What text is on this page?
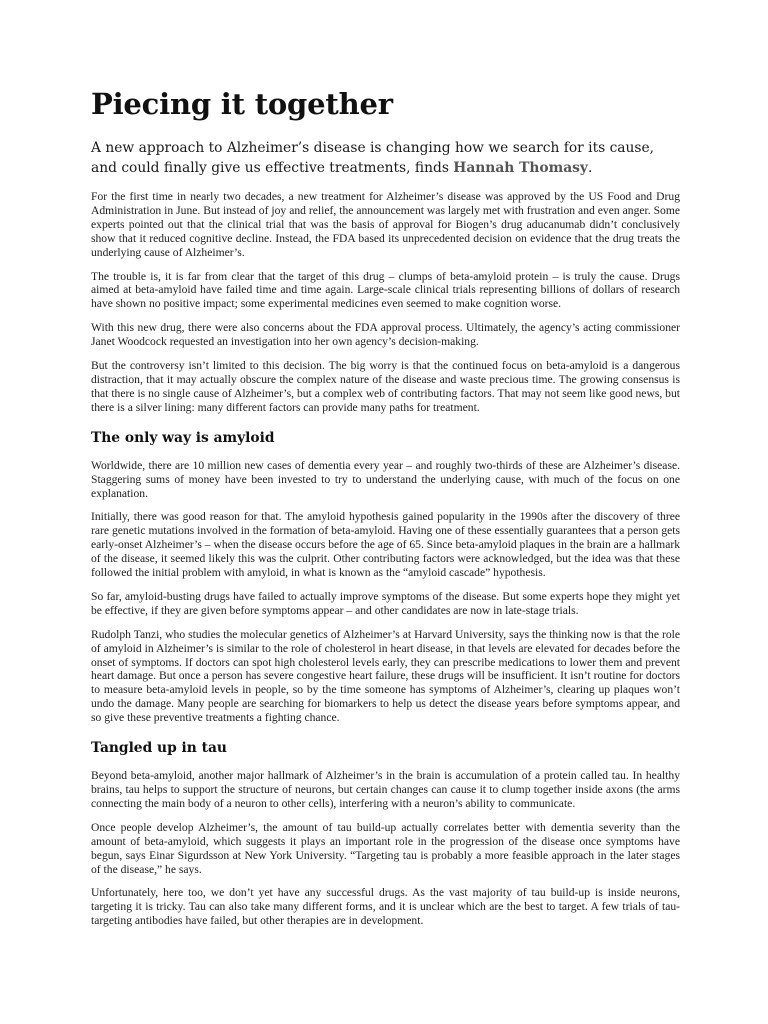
Piecing it together

A new approach to Alzheimer’s disease is changing how we search for its cause, and could finally give us effective treatments, finds Hannah Thomasy.

For the first time in nearly two decades, a new treatment for Alzheimer’s disease was approved by the US Food and Drug Administration in June. But instead of joy and relief, the announcement was largely met with frustration and even anger. Some experts pointed out that the clinical trial that was the basis of approval for Biogen’s drug aducanumab didn’t conclusively show that it reduced cognitive decline. Instead, the FDA based its unprecedented decision on evidence that the drug treats the underlying cause of Alzheimer’s.

The trouble is, it is far from clear that the target of this drug – clumps of beta-amyloid protein – is truly the cause. Drugs aimed at beta-amyloid have failed time and time again. Large-scale clinical trials representing billions of dollars of research have shown no positive impact; some experimental medicines even seemed to make cognition worse.

With this new drug, there were also concerns about the FDA approval process. Ultimately, the agency’s acting commissioner Janet Woodcock requested an investigation into her own agency’s decision-making.

But the controversy isn’t limited to this decision. The big worry is that the continued focus on beta-amyloid is a dangerous distraction, that it may actually obscure the complex nature of the disease and waste precious time. The growing consensus is that there is no single cause of Alzheimer’s, but a complex web of contributing factors. That may not seem like good news, but there is a silver lining: many different factors can provide many paths for treatment.

The only way is amyloid

Worldwide, there are 10 million new cases of dementia every year – and roughly two-thirds of these are Alzheimer’s disease. Staggering sums of money have been invested to try to understand the underlying cause, with much of the focus on one explanation.

Initially, there was good reason for that. The amyloid hypothesis gained popularity in the 1990s after the discovery of three rare genetic mutations involved in the formation of beta-amyloid. Having one of these essentially guarantees that a person gets early-onset Alzheimer’s – when the disease occurs before the age of 65. Since beta-amyloid plaques in the brain are a hallmark of the disease, it seemed likely this was the culprit. Other contributing factors were acknowledged, but the idea was that these followed the initial problem with amyloid, in what is known as the “amyloid cascade” hypothesis.

So far, amyloid-busting drugs have failed to actually improve symptoms of the disease. But some experts hope they might yet be effective, if they are given before symptoms appear – and other candidates are now in late-stage trials.

Rudolph Tanzi, who studies the molecular genetics of Alzheimer’s at Harvard University, says the thinking now is that the role of amyloid in Alzheimer’s is similar to the role of cholesterol in heart disease, in that levels are elevated for decades before the onset of symptoms. If doctors can spot high cholesterol levels early, they can prescribe medications to lower them and prevent heart damage. But once a person has severe congestive heart failure, these drugs will be insufficient. It isn’t routine for doctors to measure beta-amyloid levels in people, so by the time someone has symptoms of Alzheimer’s, clearing up plaques won’t undo the damage. Many people are searching for biomarkers to help us detect the disease years before symptoms appear, and so give these preventive treatments a fighting chance.

Tangled up in tau

Beyond beta-amyloid, another major hallmark of Alzheimer’s in the brain is accumulation of a protein called tau. In healthy brains, tau helps to support the structure of neurons, but certain changes can cause it to clump together inside axons (the arms connecting the main body of a neuron to other cells), interfering with a neuron’s ability to communicate.

Once people develop Alzheimer’s, the amount of tau build-up actually correlates better with dementia severity than the amount of beta-amyloid, which suggests it plays an important role in the progression of the disease once symptoms have begun, says Einar Sigurdsson at New York University. “Targeting tau is probably a more feasible approach in the later stages of the disease,” he says.

Unfortunately, here too, we don’t yet have any successful drugs. As the vast majority of tau build-up is inside neurons, targeting it is tricky. Tau can also take many different forms, and it is unclear which are the best to target. A few trials of tau-targeting antibodies have failed, but other therapies are in development.
